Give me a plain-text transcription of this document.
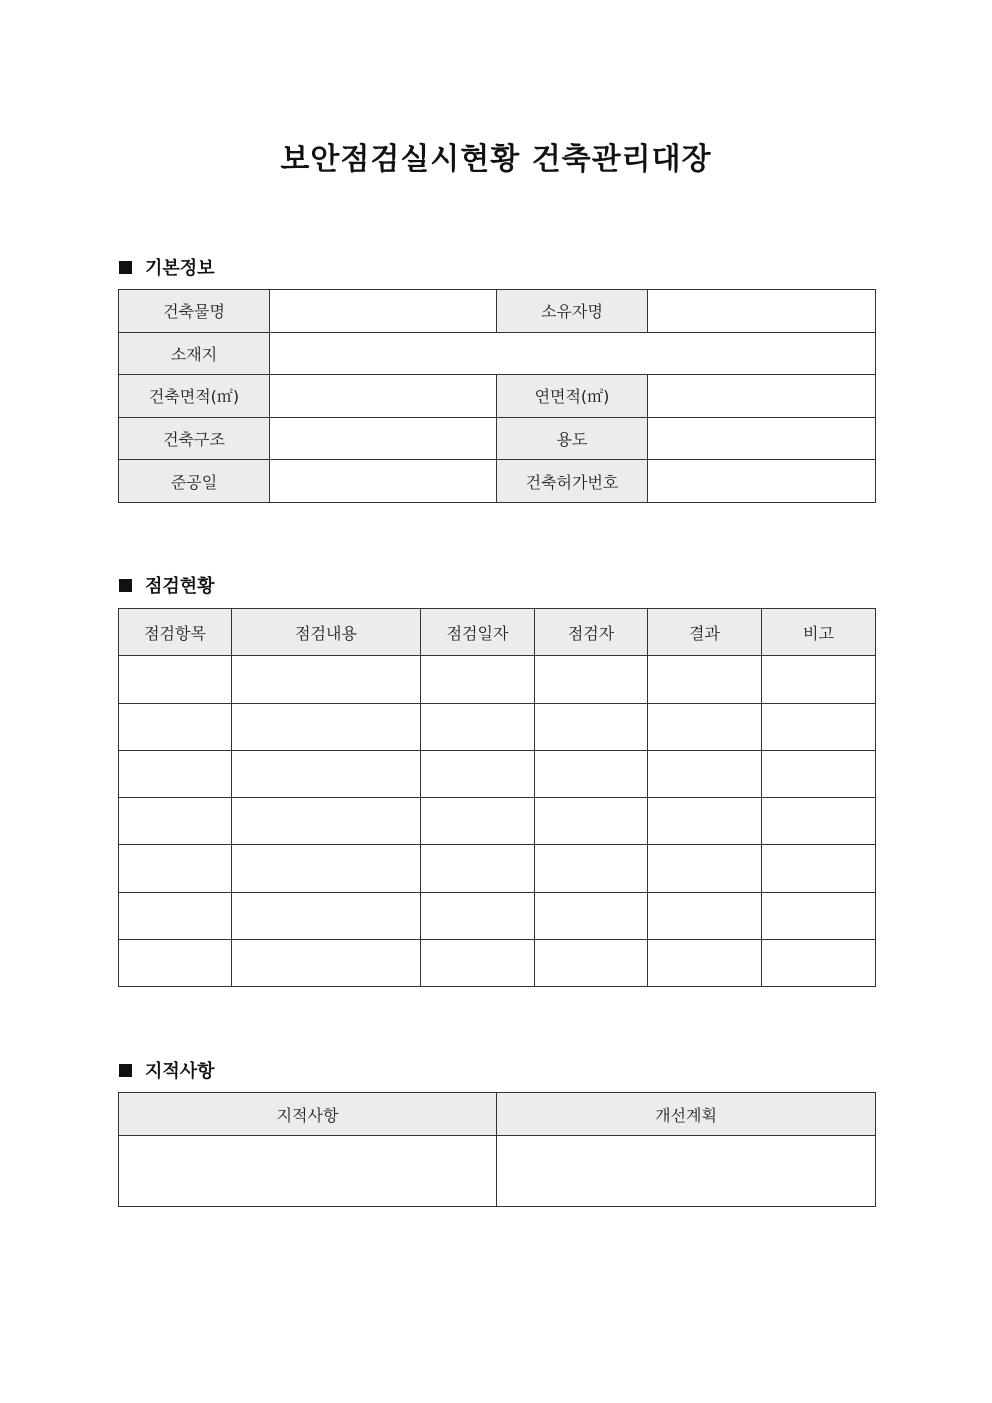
보안점검실시현황 건축관리대장
기본정보
건축물명		소유자명	
소재지			
건축면적(㎡)		연면적(㎡)	
건축구조		용도	
준공일		건축허가번호	
점검현황
점검항목	점검내용	점검일자	점검자	결과	비고

지적사항
지적사항	개선계획
